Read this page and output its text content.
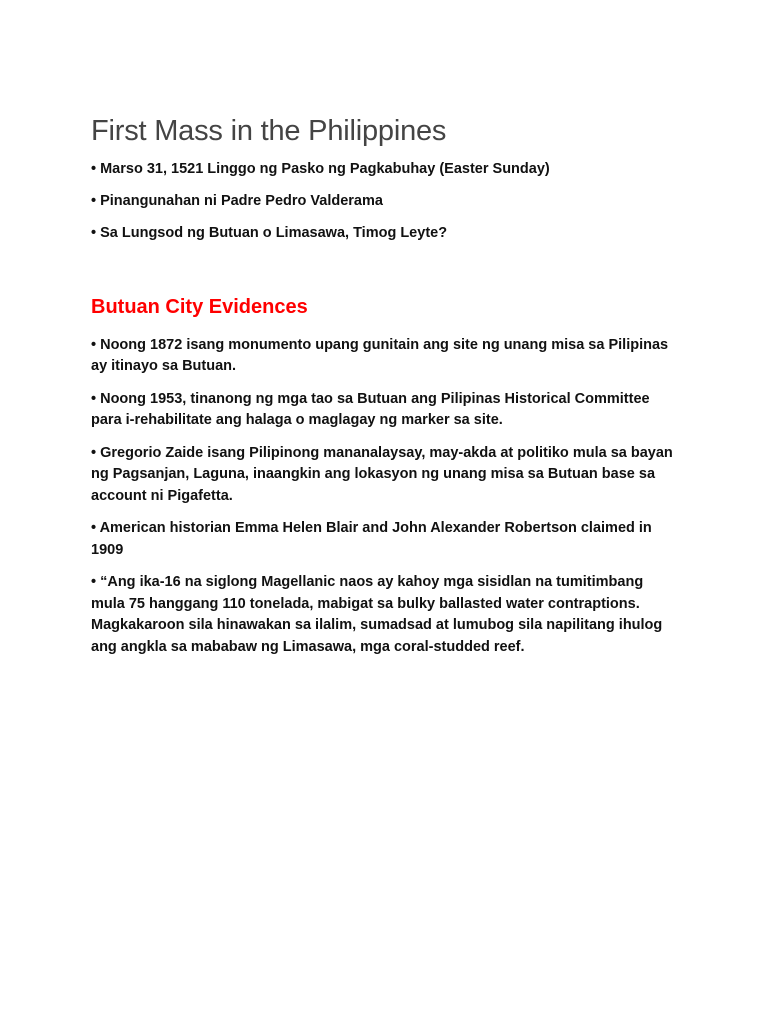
First Mass in the Philippines
• Marso 31, 1521 Linggo ng Pasko ng Pagkabuhay (Easter Sunday)
• Pinangunahan ni Padre Pedro Valderama
• Sa Lungsod ng Butuan o Limasawa, Timog Leyte?
Butuan City Evidences
• Noong 1872 isang monumento upang gunitain ang site ng unang misa sa Pilipinas ay itinayo sa Butuan.
• Noong 1953, tinanong ng mga tao sa Butuan ang Pilipinas Historical Committee para i-rehabilitate ang halaga o maglagay ng marker sa site.
• Gregorio Zaide isang Pilipinong mananalaysay, may-akda at politiko mula sa bayan ng Pagsanjan, Laguna, inaangkin ang lokasyon ng unang misa sa Butuan base sa account ni Pigafetta.
• American historian Emma Helen Blair and John Alexander Robertson claimed in 1909
• “Ang ika-16 na siglong Magellanic naos ay kahoy mga sisidlan na tumitimbang mula 75 hanggang 110 tonelada, mabigat sa bulky ballasted water contraptions. Magkakaroon sila hinawakan sa ilalim, sumadsad at lumubog sila napilitang ihulog ang angkla sa mababaw ng Limasawa, mga coral-studded reef.
